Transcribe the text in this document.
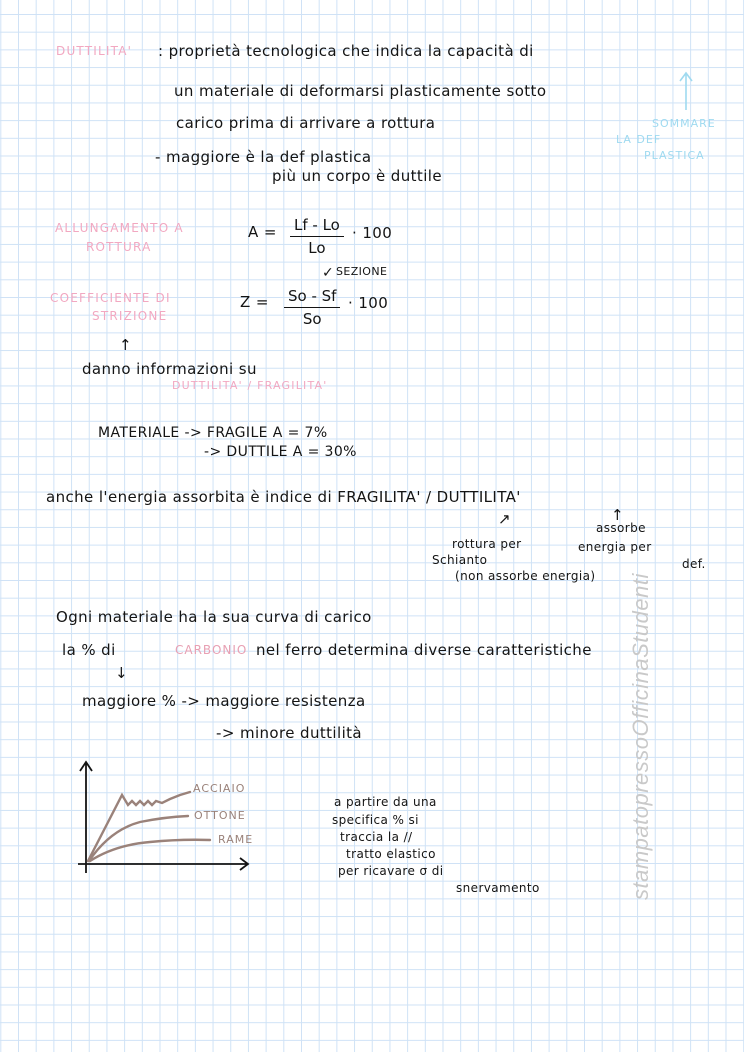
DUTTILITA' : proprietà tecnologica che indica la capacità di
un materiale di deformarsi plasticamente sotto
carico prima di arrivare a rottura	SOMMARE
LA DEF
PLASTICA
- maggiore è la def plastica
più un corpo è duttile
ALLUNGAMENTO A
ROTTURA
$A = \frac{Lf - Lo}{Lo} \cdot 100$
✓ SEZIONE
COEFFICIENTE DI
STRIZIONE
$Z = \frac{So - Sf}{So} \cdot 100$
↑
danno informazioni su
DUTTILITA' / FRAGILITA'
MATERIALE -> FRAGILE A = 7%
-> DUTTILE A = 30%
anche l'energia assorbita è indice di FRAGILITA' / DUTTILITA'
↗	↑
rottura per
Schianto
(non assorbe energia)
assorbe
energia per
def.
Ogni materiale ha la sua curva di carico
la % di	CARBONIO nel ferro determina diverse caratteristiche
↓
maggiore % -> maggiore resistenza
-> minore duttilità
ACCIAIO
OTTONE
RAME
a partire da una
specifica % si
traccia la //
tratto elastico
per ricavare σ di
snervamento	stampatopressoOfficinaStudenti
